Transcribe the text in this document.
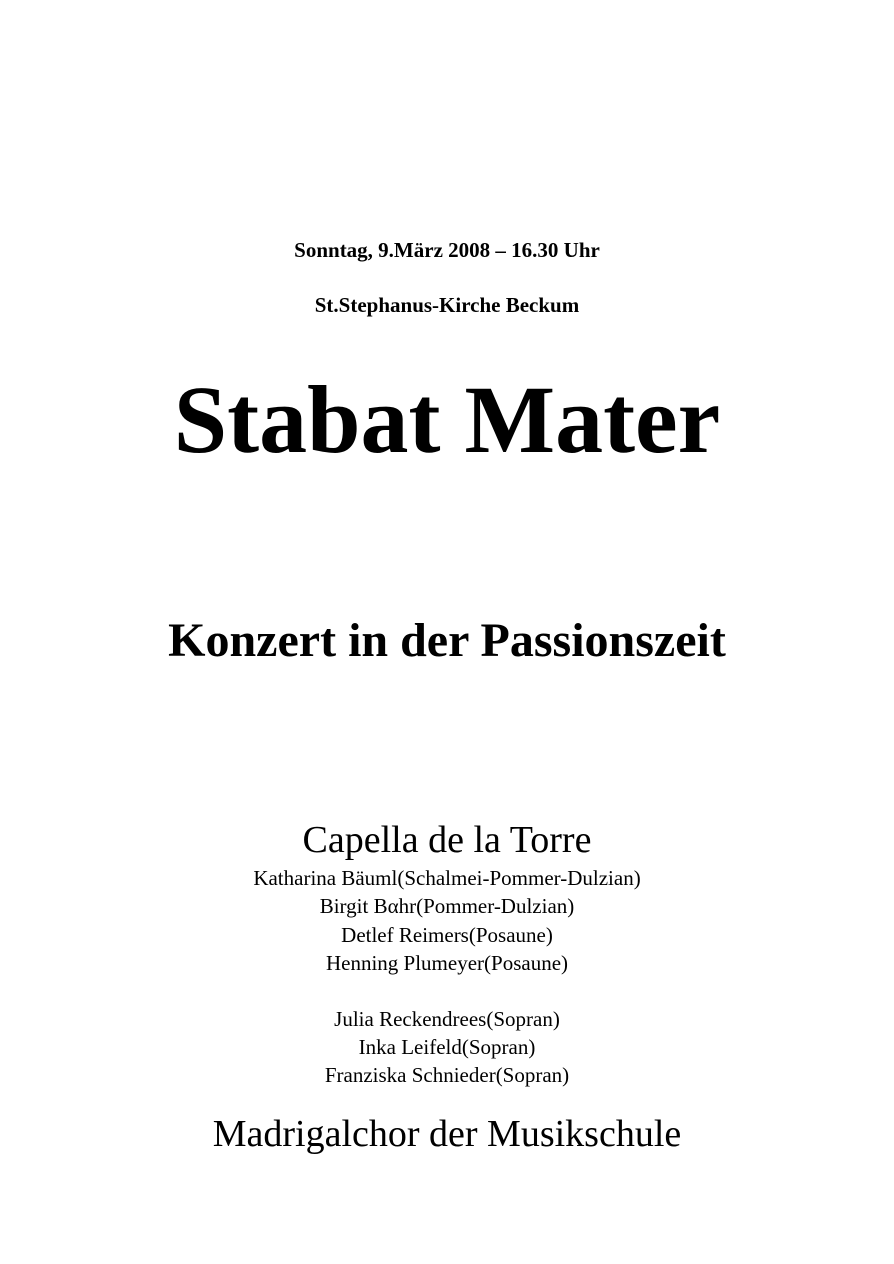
Sonntag, 9.März 2008 – 16.30 Uhr
St.Stephanus-Kirche Beckum
Stabat Mater
Konzert in der Passionszeit
Capella de la Torre
Katharina Bäuml(Schalmei-Pommer-Dulzian)
Birgit Bαhr(Pommer-Dulzian)
Detlef Reimers(Posaune)
Henning Plumeyer(Posaune)
Julia Reckendrees(Sopran)
Inka Leifeld(Sopran)
Franziska Schnieder(Sopran)
Madrigalchor der Musikschule
